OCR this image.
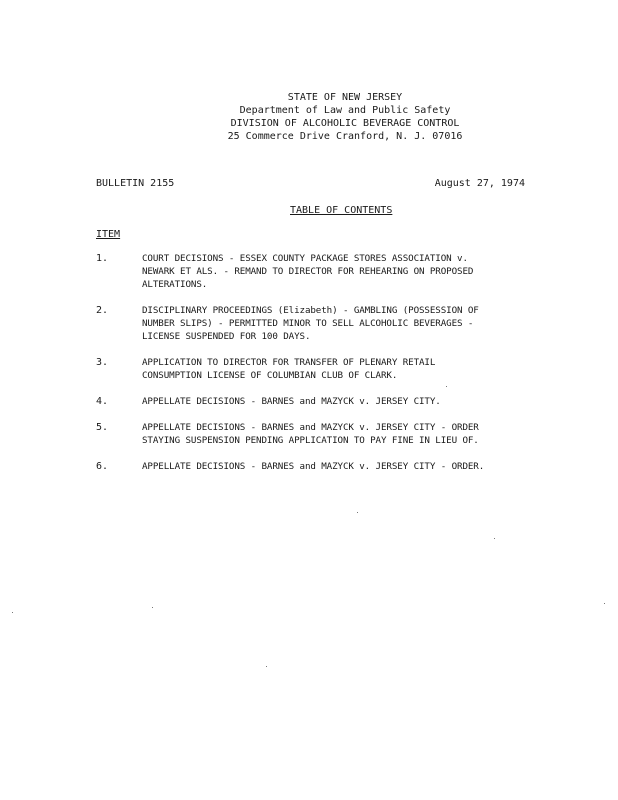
STATE OF NEW JERSEY
Department of Law and Public Safety
DIVISION OF ALCOHOLIC BEVERAGE CONTROL
25 Commerce Drive Cranford, N. J. 07016
BULLETIN 2155	August 27, 1974
TABLE OF CONTENTS
ITEM
1.	COURT DECISIONS - ESSEX COUNTY PACKAGE STORES ASSOCIATION v.
NEWARK ET ALS. - REMAND TO DIRECTOR FOR REHEARING ON PROPOSED
ALTERATIONS.
2.	DISCIPLINARY PROCEEDINGS (Elizabeth) - GAMBLING (POSSESSION OF
NUMBER SLIPS) - PERMITTED MINOR TO SELL ALCOHOLIC BEVERAGES -
LICENSE SUSPENDED FOR 100 DAYS.
3.	APPLICATION TO DIRECTOR FOR TRANSFER OF PLENARY RETAIL
CONSUMPTION LICENSE OF COLUMBIAN CLUB OF CLARK.
4.	APPELLATE DECISIONS - BARNES and MAZYCK v. JERSEY CITY.
5.	APPELLATE DECISIONS - BARNES and MAZYCK v. JERSEY CITY - ORDER
STAYING SUSPENSION PENDING APPLICATION TO PAY FINE IN LIEU OF.
6.	APPELLATE DECISIONS - BARNES and MAZYCK v. JERSEY CITY - ORDER.
